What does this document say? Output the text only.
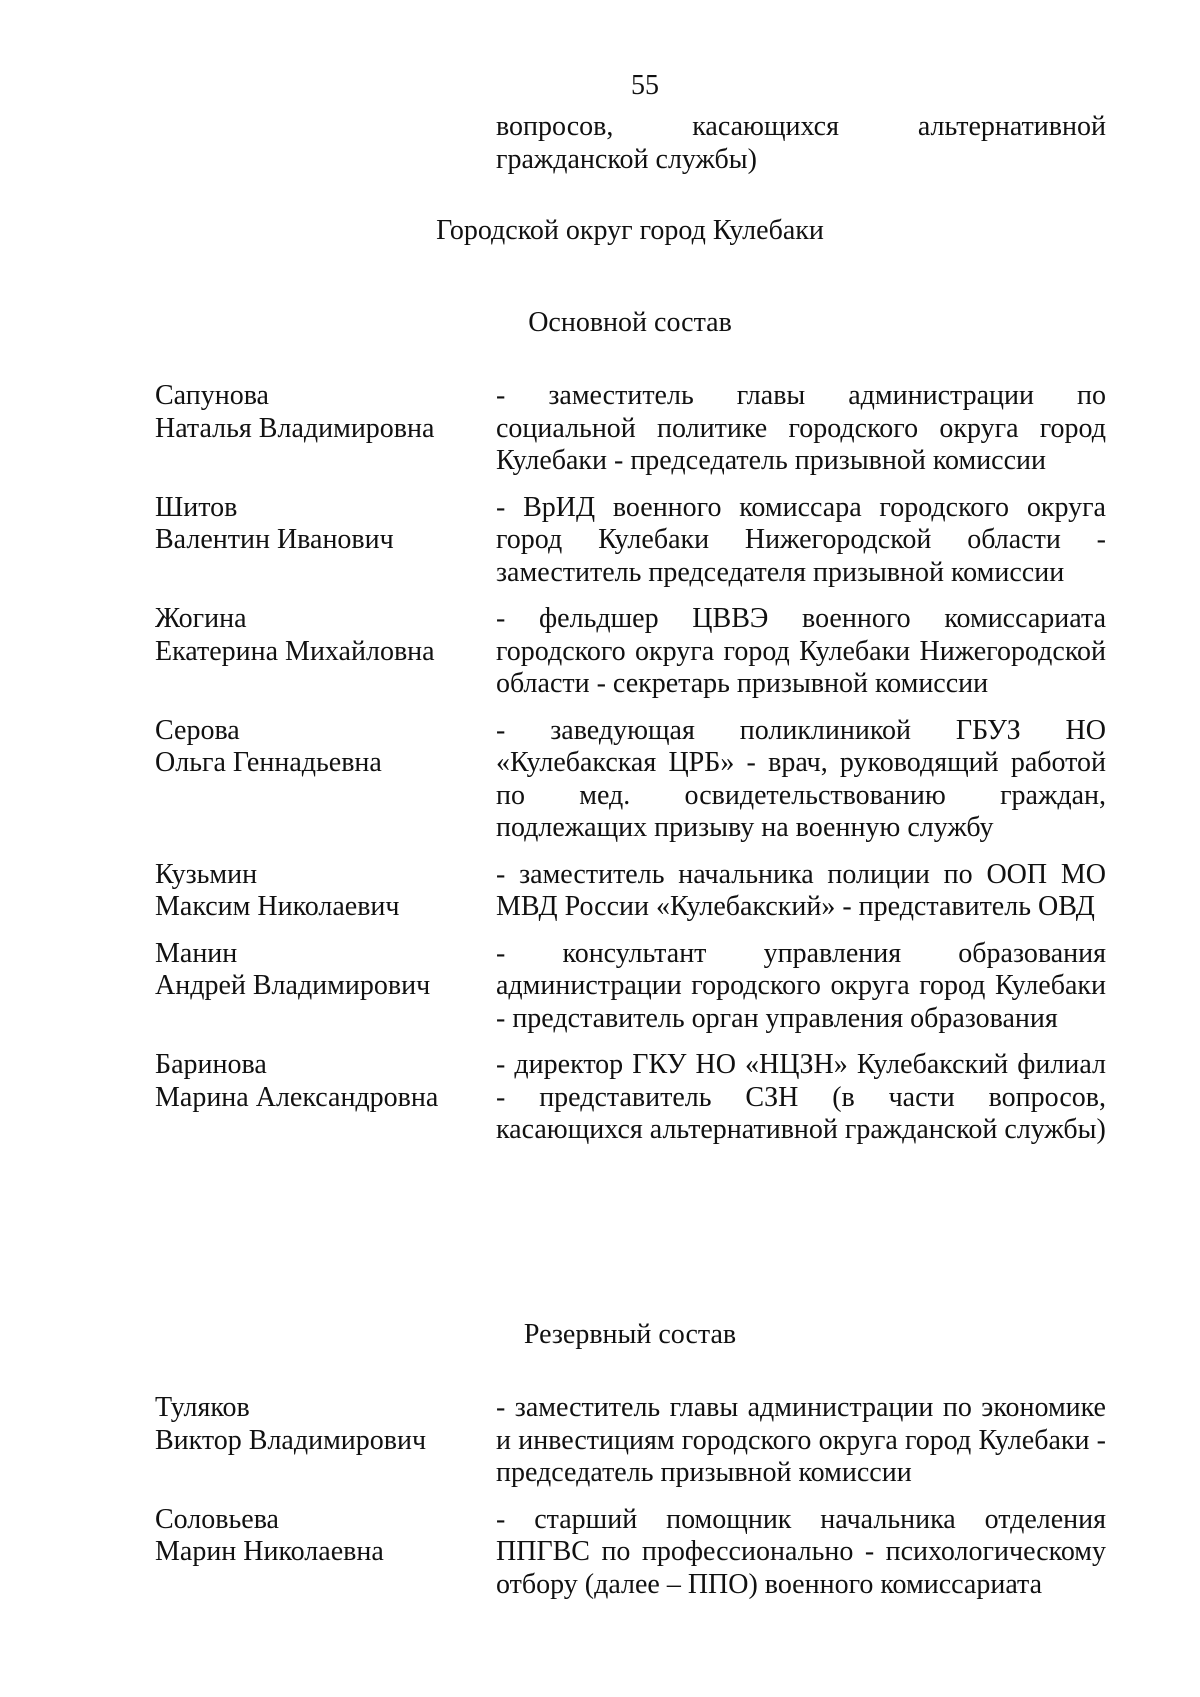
55
вопросов,	касающихся	альтернативной
гражданской службы)
Городской округ город Кулебаки
Основной состав
Сапунова
Наталья Владимировна
- заместитель главы администрации по социальной политике городского округа город Кулебаки - председатель призывной комиссии
Шитов
Валентин Иванович
- ВрИД военного комиссара городского округа город Кулебаки Нижегородской области - заместитель председателя призывной комиссии
Жогина
Екатерина Михайловна
- фельдшер ЦВВЭ военного комиссариата городского округа город Кулебаки Нижегородской области - секретарь призывной комиссии
Серова
Ольга Геннадьевна
- заведующая поликлиникой ГБУЗ НО «Кулебакская ЦРБ» - врач, руководящий работой по мед. освидетельствованию граждан, подлежащих призыву на военную службу
Кузьмин
Максим Николаевич
- заместитель начальника полиции по ООП МО МВД России «Кулебакский» - представитель ОВД
Манин
Андрей Владимирович
- консультант управления образования администрации городского округа город Кулебаки - представитель орган управления образования
Баринова
Марина Александровна
- директор ГКУ НО «НЦЗН» Кулебакский филиал - представитель СЗН (в части вопросов, касающихся альтернативной гражданской службы)
Резервный состав
Туляков
Виктор Владимирович
- заместитель главы администрации по экономике и инвестициям городского округа город Кулебаки - председатель призывной комиссии
Соловьева
Марин Николаевна
- старший помощник начальника отделения ППГВС по профессионально - психологическому отбору (далее – ППО) военного комиссариата
